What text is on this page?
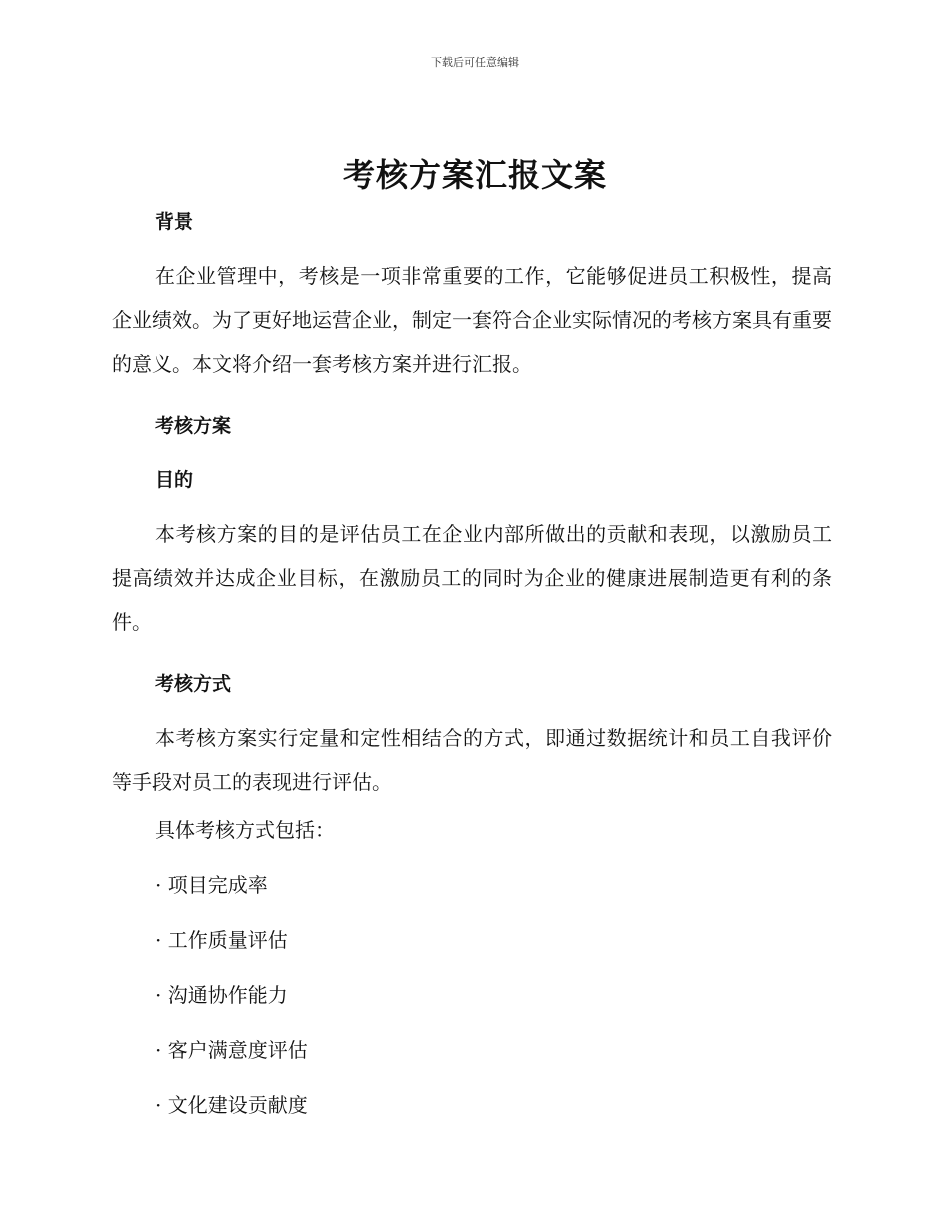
下载后可任意编辑
考核方案汇报文案

背景

在企业管理中，考核是一项非常重要的工作，它能够促进员工积极性，提高企业绩效。为了更好地运营企业，制定一套符合企业实际情况的考核方案具有重要的意义。本文将介绍一套考核方案并进行汇报。

考核方案

目的

本考核方案的目的是评估员工在企业内部所做出的贡献和表现，以激励员工提高绩效并达成企业目标，在激励员工的同时为企业的健康进展制造更有利的条件。

考核方式

本考核方案实行定量和定性相结合的方式，即通过数据统计和员工自我评价等手段对员工的表现进行评估。

具体考核方式包括：

· 项目完成率

· 工作质量评估

· 沟通协作能力

· 客户满意度评估

· 文化建设贡献度
